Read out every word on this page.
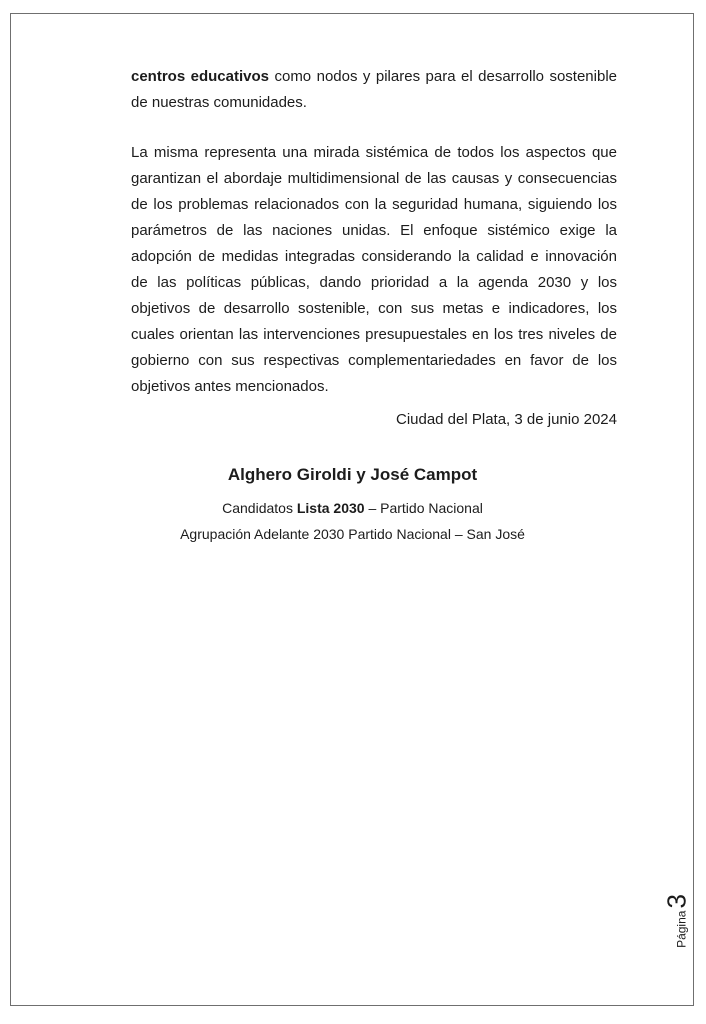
centros educativos como nodos y pilares para el desarrollo sostenible de nuestras comunidades.

La misma representa una mirada sistémica de todos los aspectos que garantizan el abordaje multidimensional de las causas y consecuencias de los problemas relacionados con la seguridad humana, siguiendo los parámetros de las naciones unidas. El enfoque sistémico exige la adopción de medidas integradas considerando la calidad e innovación de las políticas públicas, dando prioridad a la agenda 2030 y los objetivos de desarrollo sostenible, con sus metas e indicadores, los cuales orientan las intervenciones presupuestales en los tres niveles de gobierno con sus respectivas complementariedades en favor de los objetivos antes mencionados.

Ciudad del Plata, 3 de junio 2024

Alghero Giroldi y José Campot

Candidatos Lista 2030 – Partido Nacional

Agrupación Adelante 2030 Partido Nacional – San José

Página3
